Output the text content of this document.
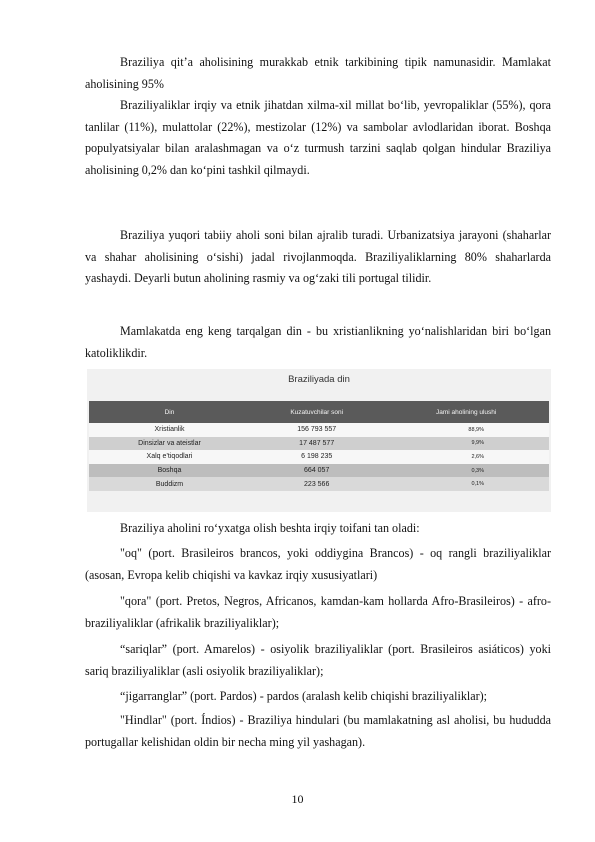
Braziliya qit’a aholisining murakkab etnik tarkibining tipik namunasidir. Mamlakat aholisining 95%

Braziliyaliklar irqiy va etnik jihatdan xilma-xil millat bo‘lib, yevropaliklar (55%), qora tanlilar (11%), mulattolar (22%), mestizolar (12%) va sambolar avlodlaridan iborat. Boshqa populyatsiyalar bilan aralashmagan va o‘z turmush tarzini saqlab qolgan hindular Braziliya aholisining 0,2% dan ko‘pini tashkil qilmaydi.

Braziliya yuqori tabiiy aholi soni bilan ajralib turadi. Urbanizatsiya jarayoni (shaharlar va shahar aholisining o‘sishi) jadal rivojlanmoqda. Braziliyaliklarning 80% shaharlarda yashaydi. Deyarli butun aholining rasmiy va og‘zaki tili portugal tilidir.

Mamlakatda eng keng tarqalgan din - bu xristianlikning yo‘nalishlaridan biri bo‘lgan katoliklikdir.

Braziliyada din
Din	Kuzatuvchilar soni	Jami aholining ulushi
Xristianlik	156 793 557	88,9%
Dinsizlar va ateistlar	17 487 577	9,9%
Xalq e’tiqodlari	6 198 235	2,6%
Boshqa	664 057	0,3%
Buddizm	223 566	0,1%

Braziliya aholini ro‘yxatga olish beshta irqiy toifani tan oladi:

"oq" (port. Brasileiros brancos, yoki oddiygina Brancos) - oq rangli braziliyaliklar (asosan, Evropa kelib chiqishi va kavkaz irqiy xususiyatlari)

"qora" (port. Pretos, Negros, Africanos, kamdan-kam hollarda Afro-Brasileiros) - afro-braziliyaliklar (afrikalik braziliyaliklar);

“sariqlar” (port. Amarelos) - osiyolik braziliyaliklar (port. Brasileiros asiáticos) yoki sariq braziliyaliklar (asli osiyolik braziliyaliklar);

“jigarranglar” (port. Pardos) - pardos (aralash kelib chiqishi braziliyaliklar);

"Hindlar" (port. Índios) - Braziliya hindulari (bu mamlakatning asl aholisi, bu hududda portugallar kelishidan oldin bir necha ming yil yashagan).

10
